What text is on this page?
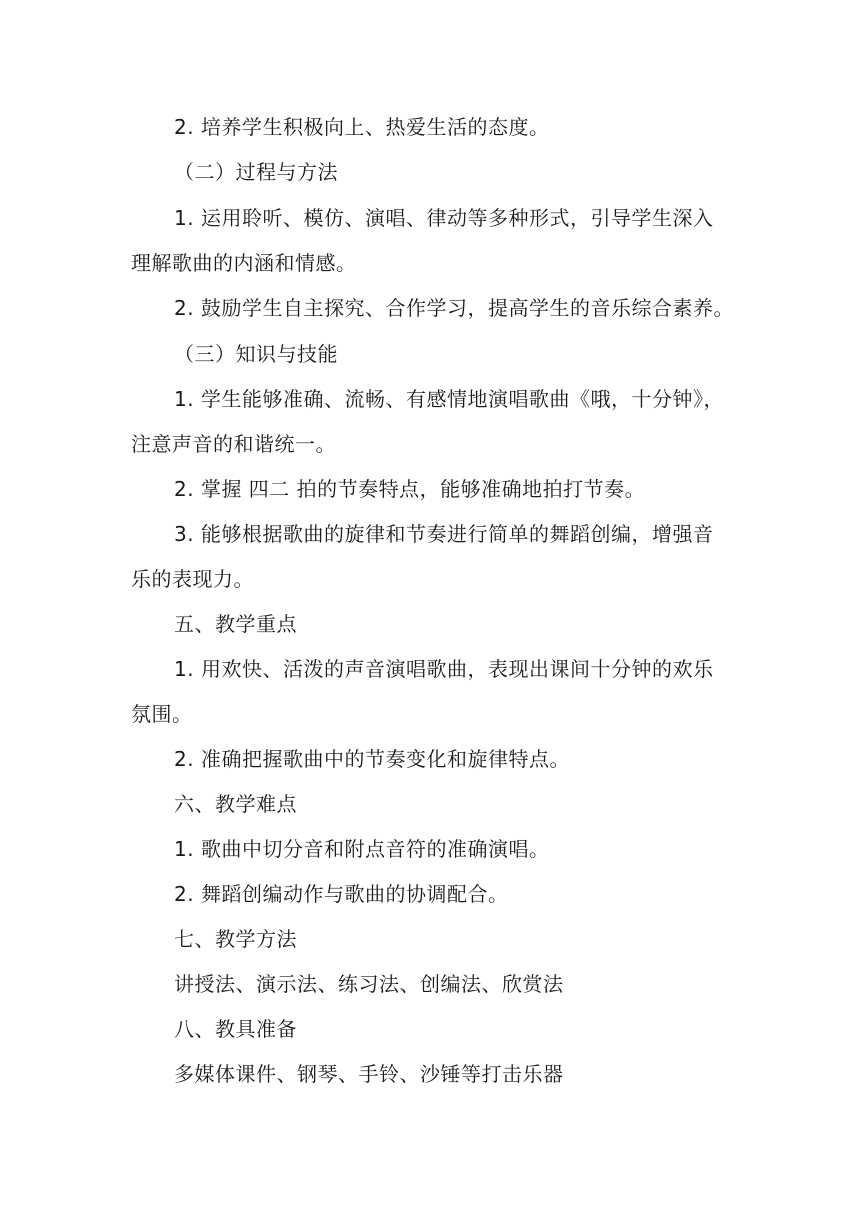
2. 培养学生积极向上、热爱生活的态度。
（二）过程与方法
1. 运用聆听、模仿、演唱、律动等多种形式，引导学生深入
理解歌曲的内涵和情感。
2. 鼓励学生自主探究、合作学习，提高学生的音乐综合素养。
（三）知识与技能
1. 学生能够准确、流畅、有感情地演唱歌曲《哦，十分钟》，
注意声音的和谐统一。
2. 掌握 四二 拍的节奏特点，能够准确地拍打节奏。
3. 能够根据歌曲的旋律和节奏进行简单的舞蹈创编，增强音
乐的表现力。
五、教学重点
1. 用欢快、活泼的声音演唱歌曲，表现出课间十分钟的欢乐
氛围。
2. 准确把握歌曲中的节奏变化和旋律特点。
六、教学难点
1. 歌曲中切分音和附点音符的准确演唱。
2. 舞蹈创编动作与歌曲的协调配合。
七、教学方法
讲授法、演示法、练习法、创编法、欣赏法
八、教具准备
多媒体课件、钢琴、手铃、沙锤等打击乐器
